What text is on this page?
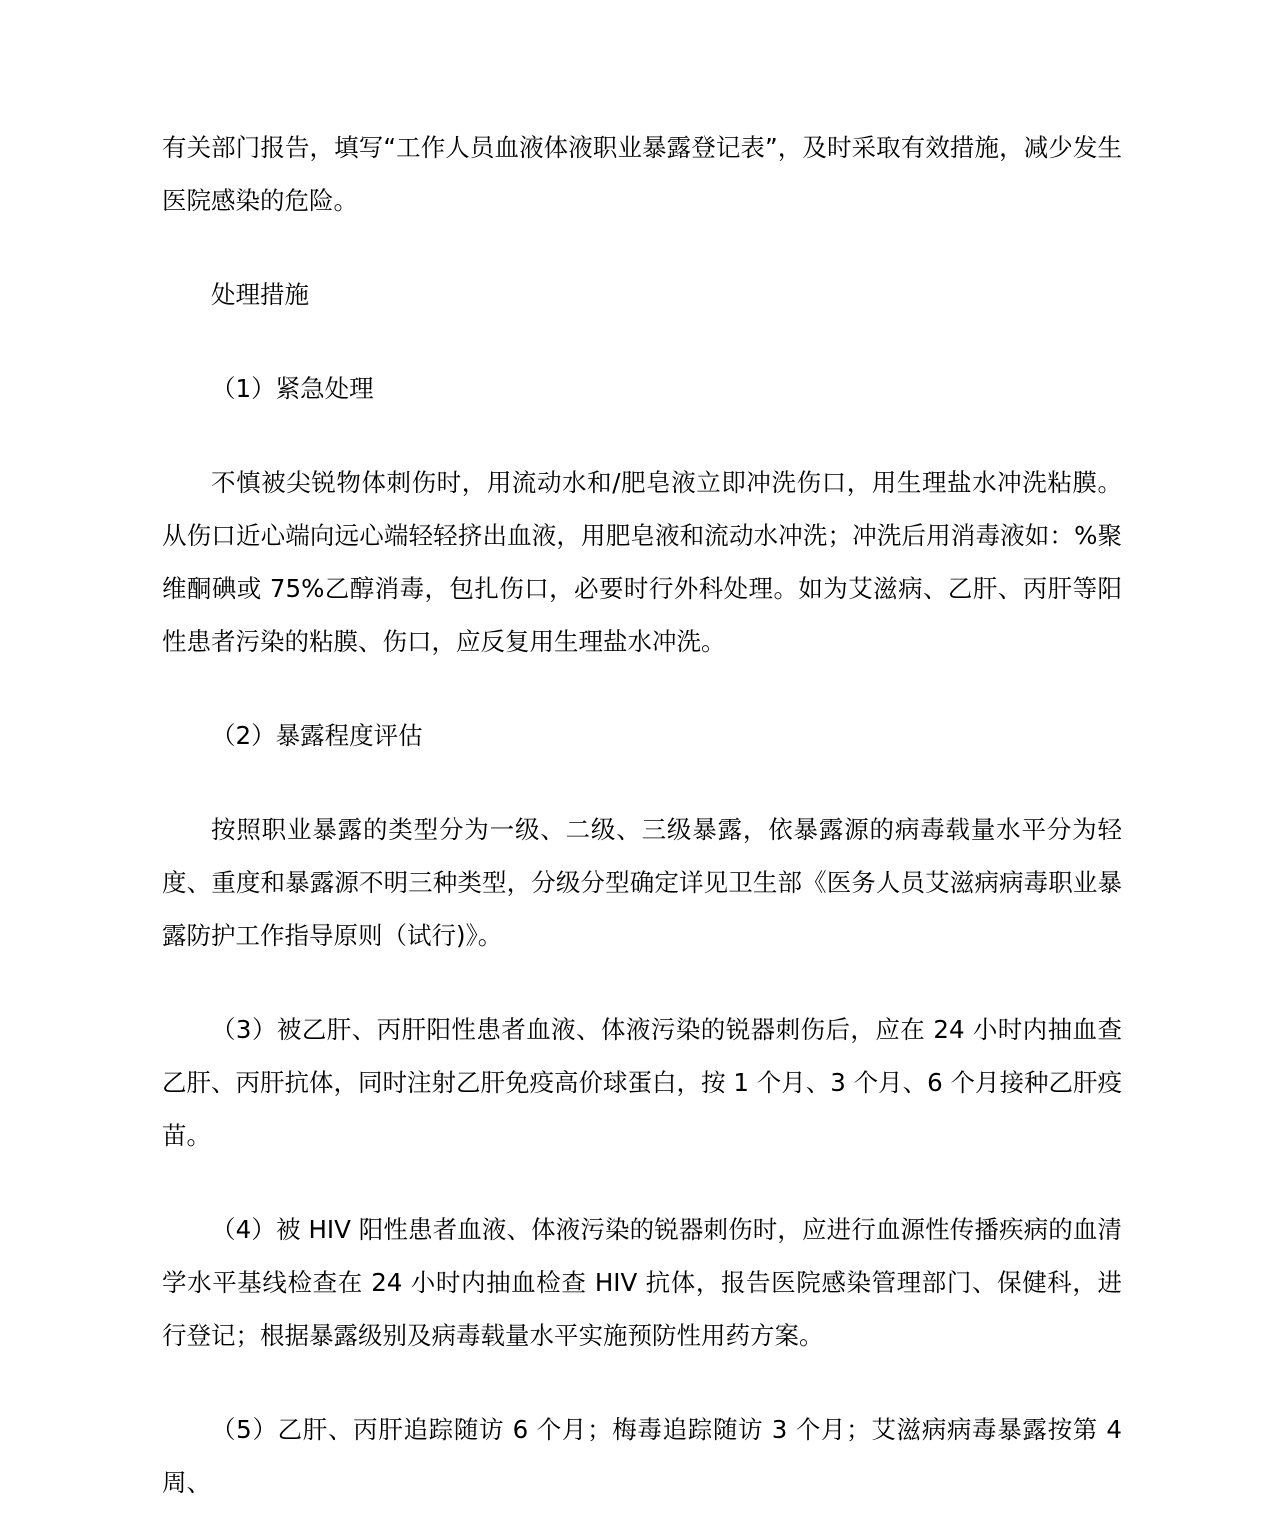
有关部门报告，填写“工作人员血液体液职业暴露登记表”，及时采取有效措施，减少发生医院感染的危险。

处理措施

（1）紧急处理

不慎被尖锐物体刺伤时，用流动水和/肥皂液立即冲洗伤口，用生理盐水冲洗粘膜。从伤口近心端向远心端轻轻挤出血液，用肥皂液和流动水冲洗；冲洗后用消毒液如：%聚维酮碘或 75%乙醇消毒，包扎伤口，必要时行外科处理。如为艾滋病、乙肝、丙肝等阳性患者污染的粘膜、伤口，应反复用生理盐水冲洗。

（2）暴露程度评估

按照职业暴露的类型分为一级、二级、三级暴露，依暴露源的病毒载量水平分为轻度、重度和暴露源不明三种类型，分级分型确定详见卫生部《医务人员艾滋病病毒职业暴露防护工作指导原则（试行)》。

（3）被乙肝、丙肝阳性患者血液、体液污染的锐器刺伤后，应在 24 小时内抽血查乙肝、丙肝抗体，同时注射乙肝免疫高价球蛋白，按 1 个月、3 个月、6 个月接种乙肝疫苗。

（4）被 HIV 阳性患者血液、体液污染的锐器刺伤时，应进行血源性传播疾病的血清学水平基线检查在 24 小时内抽血检查 HIV 抗体，报告医院感染管理部门、保健科，进行登记；根据暴露级别及病毒载量水平实施预防性用药方案。

（5）乙肝、丙肝追踪随访 6 个月；梅毒追踪随访 3 个月；艾滋病病毒暴露按第 4 周、
